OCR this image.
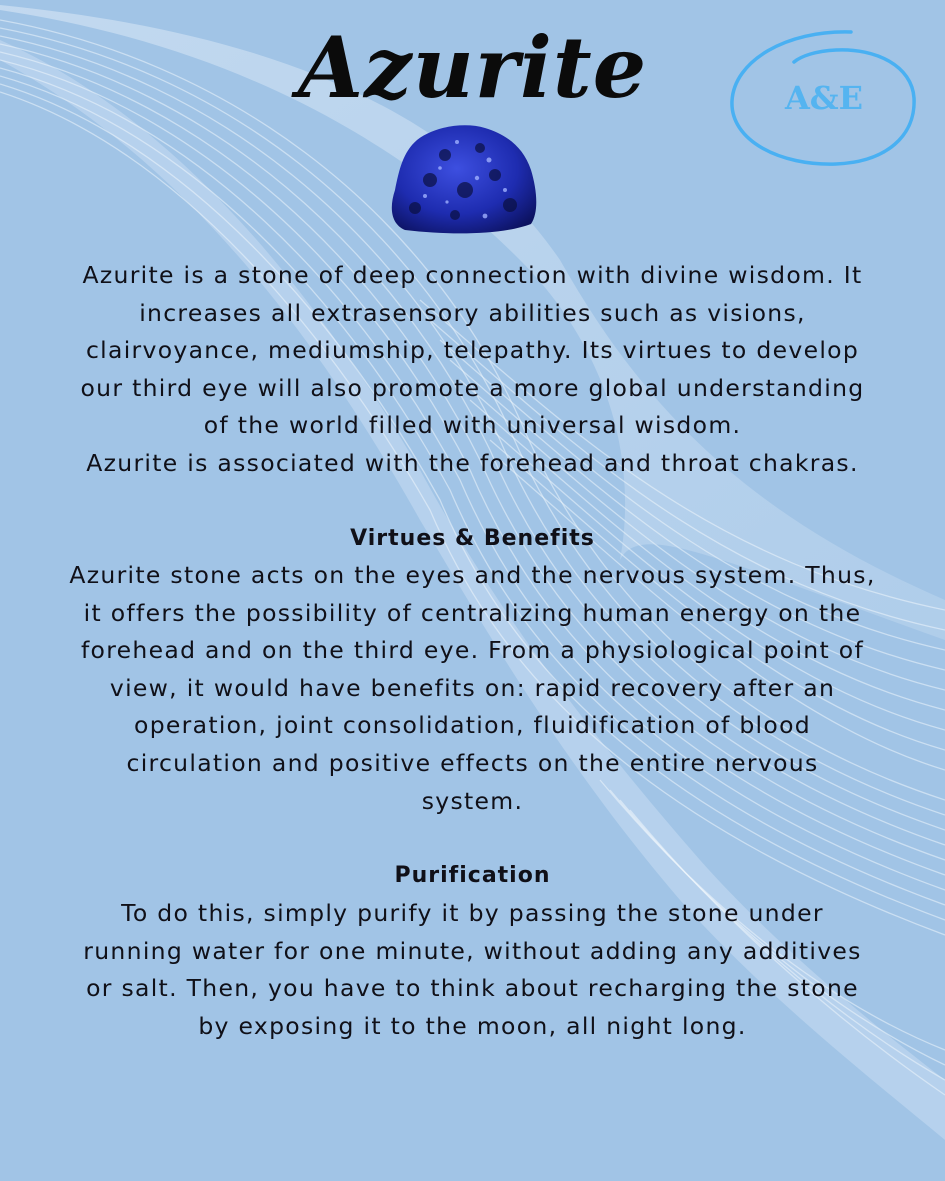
Azurite	A&E
Azurite is a stone of deep connection with divine wisdom. It
increases all extrasensory abilities such as visions,
clairvoyance, mediumship, telepathy. Its virtues to develop
our third eye will also promote a more global understanding
of the world filled with universal wisdom.
Azurite is associated with the forehead and throat chakras.
Virtues & Benefits
Azurite stone acts on the eyes and the nervous system. Thus,
it offers the possibility of centralizing human energy on the
forehead and on the third eye. From a physiological point of
view, it would have benefits on: rapid recovery after an
operation, joint consolidation, fluidification of blood
circulation and positive effects on the entire nervous
system.
Purification
To do this, simply purify it by passing the stone under
running water for one minute, without adding any additives
or salt. Then, you have to think about recharging the stone
by exposing it to the moon, all night long.
